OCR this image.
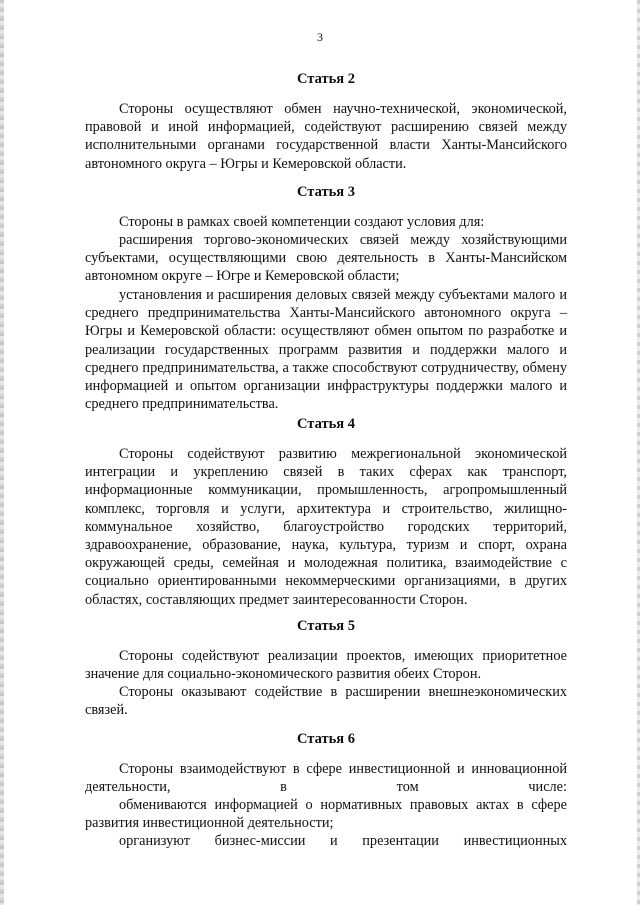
3
Статья 2

Стороны осуществляют обмен научно-технической, экономической, правовой и иной информацией, содействуют расширению связей между исполнительными органами государственной власти Ханты-Мансийского автономного округа – Югры и Кемеровской области.

Статья 3

Стороны в рамках своей компетенции создают условия для:

расширения торгово-экономических связей между хозяйствующими субъектами, осуществляющими свою деятельность в Ханты-Мансийском автономном округе – Югре и Кемеровской области;

установления и расширения деловых связей между субъектами малого и среднего предпринимательства Ханты-Мансийского автономного округа – Югры и Кемеровской области: осуществляют обмен опытом по разработке и реализации государственных программ развития и поддержки малого и среднего предпринимательства, а также способствуют сотрудничеству, обмену информацией и опытом организации инфраструктуры поддержки малого и среднего предпринимательства.

Статья 4

Стороны содействуют развитию межрегиональной экономической интеграции и укреплению связей в таких сферах как транспорт, информационные коммуникации, промышленность, агропромышленный комплекс, торговля и услуги, архитектура и строительство, жилищно-коммунальное хозяйство, благоустройство городских территорий, здравоохранение, образование, наука, культура, туризм и спорт, охрана окружающей среды, семейная и молодежная политика, взаимодействие с социально ориентированными некоммерческими организациями, в других областях, составляющих предмет заинтересованности Сторон.

Статья 5

Стороны содействуют реализации проектов, имеющих приоритетное значение для социально-экономического развития обеих Сторон.

Стороны оказывают содействие в расширении внешнеэкономических связей.

Статья 6

Стороны взаимодействуют в сфере инвестиционной и инновационной деятельности, в том числе:

обмениваются информацией о нормативных правовых актах в сфере развития инвестиционной деятельности;

организуют бизнес-миссии и презентации инвестиционных
